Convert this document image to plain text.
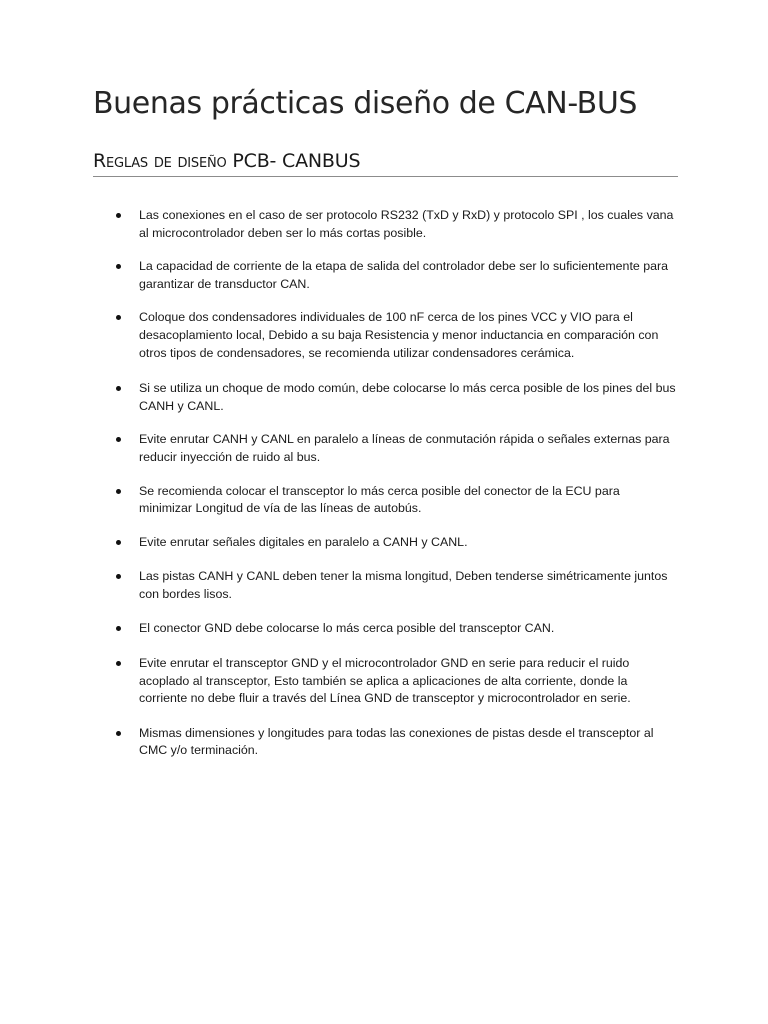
Buenas prácticas diseño de CAN-BUS
Reglas de diseño PCB- CANBUS
Las conexiones en el caso de ser protocolo RS232 (TxD y RxD) y protocolo SPI , los cuales vana al microcontrolador deben ser lo más cortas posible.
La capacidad de corriente de la etapa de salida del controlador debe ser lo suficientemente para garantizar de transductor CAN.
Coloque dos condensadores individuales de 100 nF cerca de los pines VCC y VIO para el desacoplamiento local, Debido a su baja Resistencia y menor inductancia en comparación con otros tipos de condensadores, se recomienda utilizar condensadores cerámica.
Si se utiliza un choque de modo común, debe colocarse lo más cerca posible de los pines del bus CANH y CANL.
Evite enrutar CANH y CANL en paralelo a líneas de conmutación rápida o señales externas para reducir inyección de ruido al bus.
Se recomienda colocar el transceptor lo más cerca posible del conector de la ECU para minimizar Longitud de vía de las líneas de autobús.
Evite enrutar señales digitales en paralelo a CANH y CANL.
Las pistas CANH y CANL deben tener la misma longitud, Deben tenderse simétricamente juntos con bordes lisos.
El conector GND debe colocarse lo más cerca posible del transceptor CAN.
Evite enrutar el transceptor GND y el microcontrolador GND en serie para reducir el ruido acoplado al transceptor, Esto también se aplica a aplicaciones de alta corriente, donde la corriente no debe fluir a través del Línea GND de transceptor y microcontrolador en serie.
Mismas dimensiones y longitudes para todas las conexiones de pistas desde el transceptor al CMC y/o terminación.
